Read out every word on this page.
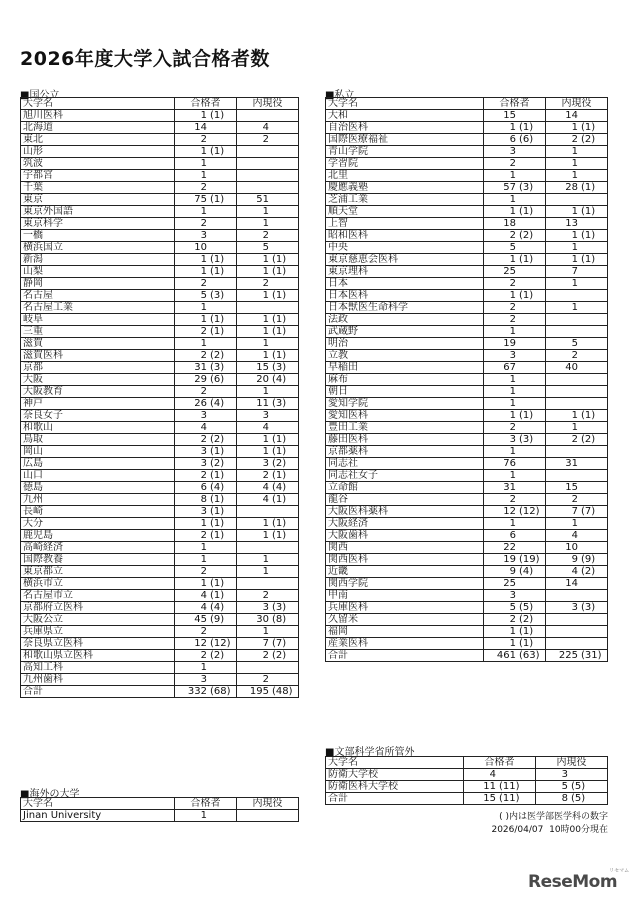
2026年度大学入試合格者数
■国公立
大学名	合格者	内現役
旭川医科	1 (1)	
北海道	14	4
東北	2	2
山形	1 (1)	
筑波	1	
宇都宮	1	
千葉	2	
東京	75 (1)	51
東京外国語	1	1
東京科学	2	1
一橋	3	2
横浜国立	10	5
新潟	1 (1)	1 (1)
山梨	1 (1)	1 (1)
静岡	2	2
名古屋	5 (3)	1 (1)
名古屋工業	1	
岐阜	1 (1)	1 (1)
三重	2 (1)	1 (1)
滋賀	1	1
滋賀医科	2 (2)	1 (1)
京都	31 (3)	15 (3)
大阪	29 (6)	20 (4)
大阪教育	2	1
神戸	26 (4)	11 (3)
奈良女子	3	3
和歌山	4	4
鳥取	2 (2)	1 (1)
岡山	3 (1)	1 (1)
広島	3 (2)	3 (2)
山口	2 (1)	2 (1)
徳島	6 (4)	4 (4)
九州	8 (1)	4 (1)
長崎	3 (1)	
大分	1 (1)	1 (1)
鹿児島	2 (1)	1 (1)
高崎経済	1	
国際教養	1	1
東京都立	2	1
横浜市立	1 (1)	
名古屋市立	4 (1)	2
京都府立医科	4 (4)	3 (3)
大阪公立	45 (9)	30 (8)
兵庫県立	2	1
奈良県立医科	12 (12)	7 (7)
和歌山県立医科	2 (2)	2 (2)
高知工科	1	
九州歯科	3	2
合計	332 (68)	195 (48)
■海外の大学
大学名	合格者	内現役
Jinan University	1	
■私立
大学名	合格者	内現役
大和	15	14
自治医科	1 (1)	1 (1)
国際医療福祉	6 (6)	2 (2)
青山学院	3	1
学習院	2	1
北里	1	1
慶應義塾	57 (3)	28 (1)
芝浦工業	1	
順天堂	1 (1)	1 (1)
上智	18	13
昭和医科	2 (2)	1 (1)
中央	5	1
東京慈恵会医科	1 (1)	1 (1)
東京理科	25	7
日本	2	1
日本医科	1 (1)	
日本獣医生命科学	2	1
法政	2	
武蔵野	1	
明治	19	5
立教	3	2
早稲田	67	40
麻布	1	
朝日	1	
愛知学院	1	
愛知医科	1 (1)	1 (1)
豊田工業	2	1
藤田医科	3 (3)	2 (2)
京都薬科	1	
同志社	76	31
同志社女子	1	
立命館	31	15
龍谷	2	2
大阪医科薬科	12 (12)	7 (7)
大阪経済	1	1
大阪歯科	6	4
関西	22	10
関西医科	19 (19)	9 (9)
近畿	9 (4)	4 (2)
関西学院	25	14
甲南	3	
兵庫医科	5 (5)	3 (3)
久留米	2 (2)	
福岡	1 (1)	
産業医科	1 (1)	
合計	461 (63)	225 (31)
■文部科学省所管外
大学名	合格者	内現役
防衛大学校	4	3
防衛医科大学校	11 (11)	5 (5)
合計	15 (11)	8 (5)
( )内は医学部医学科の数字
2026/04/07 10時00分現在
ReseMom
リセマム
